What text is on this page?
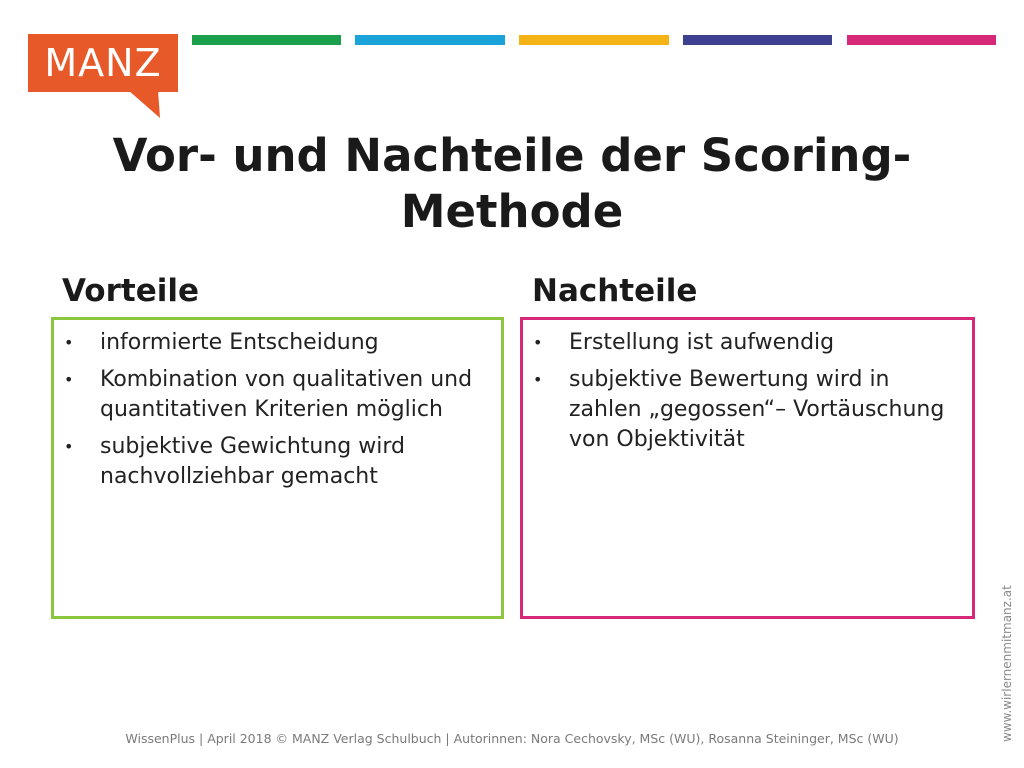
MANZ
Vor- und Nachteile der Scoring-
Methode
Vorteile	Nachteile
• informierte Entscheidung
• Kombination von qualitativen und quantitativen Kriterien möglich
• subjektive Gewichtung wird nachvollziehbar gemacht
• Erstellung ist aufwendig
• subjektive Bewertung wird in zahlen „gegossen“– Vortäuschung von Objektivität
www.wirlernenmitmanz.at
WissenPlus | April 2018 © MANZ Verlag Schulbuch | Autorinnen: Nora Cechovsky, MSc (WU), Rosanna Steininger, MSc (WU)
